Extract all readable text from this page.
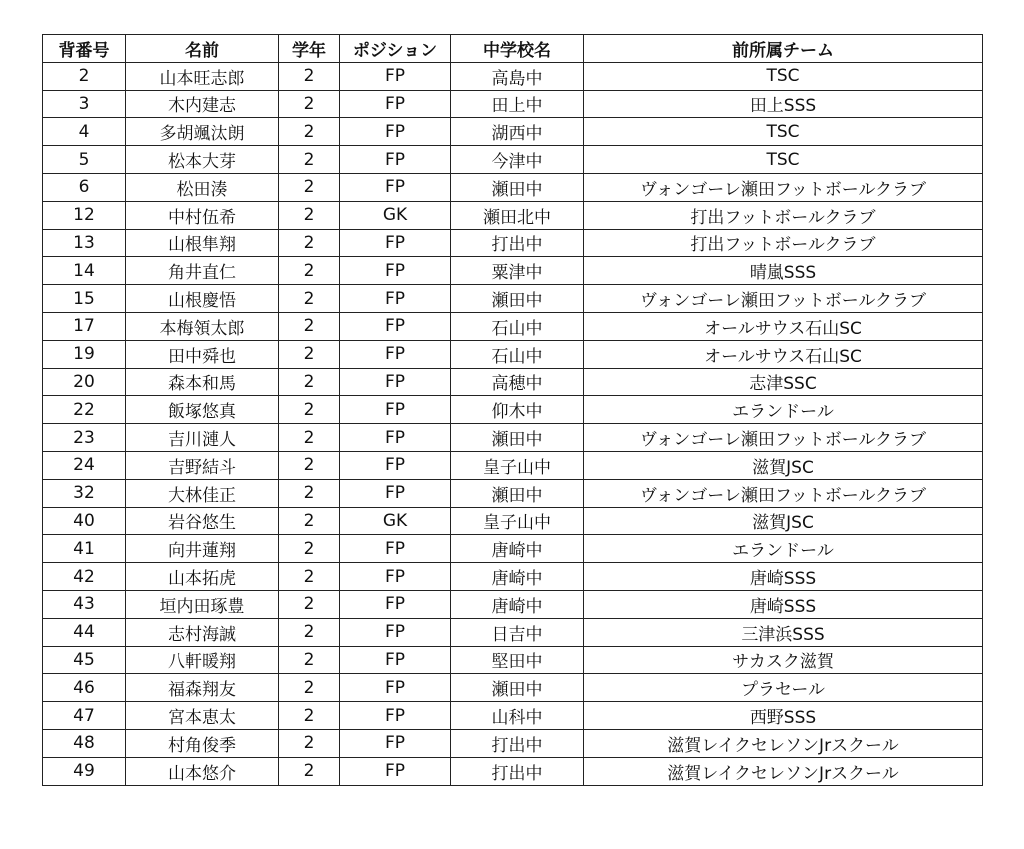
背番号	名前	学年	ポジション	中学校名	前所属チーム
2	山本旺志郎	2	FP	高島中	TSC
3	木内建志	2	FP	田上中	田上SSS
4	多胡颯汰朗	2	FP	湖西中	TSC
5	松本大芽	2	FP	今津中	TSC
6	松田湊	2	FP	瀬田中	ヴォンゴーレ瀬田フットボールクラブ
12	中村伍希	2	GK	瀬田北中	打出フットボールクラブ
13	山根隼翔	2	FP	打出中	打出フットボールクラブ
14	角井直仁	2	FP	粟津中	晴嵐SSS
15	山根慶悟	2	FP	瀬田中	ヴォンゴーレ瀬田フットボールクラブ
17	本梅領太郎	2	FP	石山中	オールサウス石山SC
19	田中舜也	2	FP	石山中	オールサウス石山SC
20	森本和馬	2	FP	高穂中	志津SSC
22	飯塚悠真	2	FP	仰木中	エランドール
23	吉川漣人	2	FP	瀬田中	ヴォンゴーレ瀬田フットボールクラブ
24	吉野結斗	2	FP	皇子山中	滋賀JSC
32	大林佳正	2	FP	瀬田中	ヴォンゴーレ瀬田フットボールクラブ
40	岩谷悠生	2	GK	皇子山中	滋賀JSC
41	向井蓮翔	2	FP	唐崎中	エランドール
42	山本拓虎	2	FP	唐崎中	唐崎SSS
43	垣内田琢豊	2	FP	唐崎中	唐崎SSS
44	志村海誠	2	FP	日吉中	三津浜SSS
45	八軒暖翔	2	FP	堅田中	サカスク滋賀
46	福森翔友	2	FP	瀬田中	プラセール
47	宮本恵太	2	FP	山科中	西野SSS
48	村角俊季	2	FP	打出中	滋賀レイクセレソンJrスクール
49	山本悠介	2	FP	打出中	滋賀レイクセレソンJrスクール
